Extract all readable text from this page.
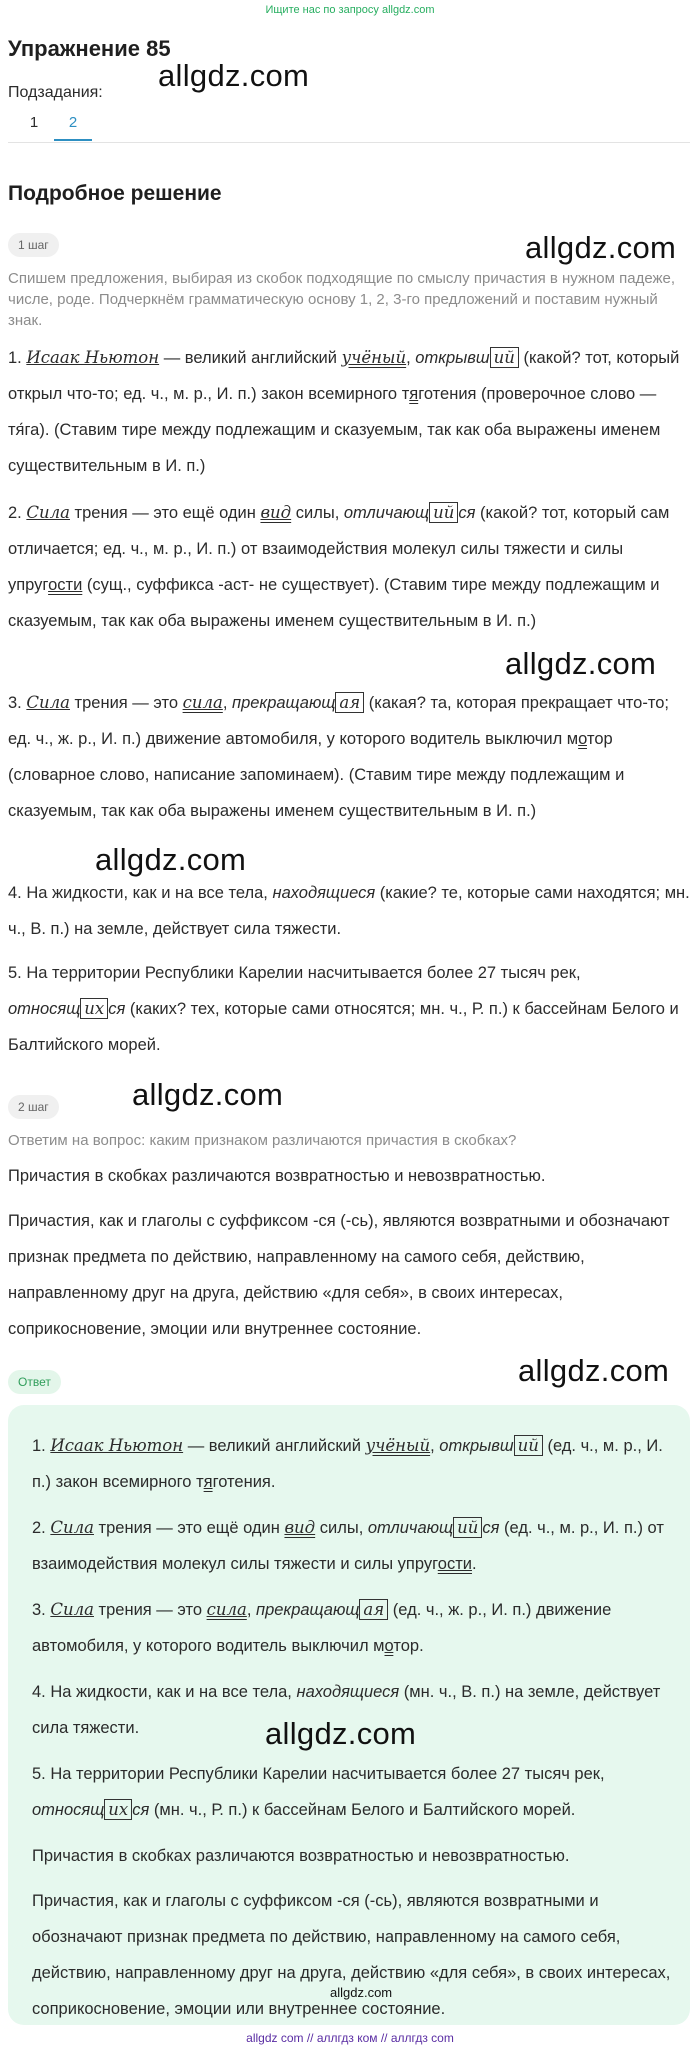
Ищите нас по запросу allgdz.com
Упражнение 85
Подзадания:
1	2
Подробное решение
1 шаг
Спишем предложения, выбирая из скобок подходящие по смыслу причастия в нужном падеже, числе, роде. Подчеркнём грамматическую основу 1, 2, 3-го предложений и поставим нужный знак.
1. Исаак Ньютон — великий английский учёный, открывш ий (какой? тот, который открыл что-то; ед. ч., м. р., И. п.) закон всемирного тяготения (проверочное слово — тя́га). (Ставим тире между подлежащим и сказуемым, так как оба выражены именем существительным в И. п.)
2. Сила трения — это ещё один вид силы, отличающ ий ся (какой? тот, который сам отличается; ед. ч., м. р., И. п.) от взаимодействия молекул силы тяжести и силы упругости (сущ., суффикса -аст- не существует). (Ставим тире между подлежащим и сказуемым, так как оба выражены именем существительным в И. п.)
3. Сила трения — это сила, прекращающ ая (какая? та, которая прекращает что-то; ед. ч., ж. р., И. п.) движение автомобиля, у которого водитель выключил мотор (словарное слово, написание запоминаем). (Ставим тире между подлежащим и сказуемым, так как оба выражены именем существительным в И. п.)
4. На жидкости, как и на все тела, находящиеся (какие? те, которые сами находятся; мн. ч., В. п.) на земле, действует сила тяжести.
5. На территории Республики Карелии насчитывается более 27 тысяч рек, относящ их ся (каких? тех, которые сами относятся; мн. ч., Р. п.) к бассейнам Белого и Балтийского морей.
2 шаг
Ответим на вопрос: каким признаком различаются причастия в скобках?
Причастия в скобках различаются возвратностью и невозвратностью.
Причастия, как и глаголы с суффиксом -ся (-сь), являются возвратными и обозначают признак предмета по действию, направленному на самого себя, действию, направленному друг на друга, действию «для себя», в своих интересах, соприкосновение, эмоции или внутреннее состояние.
Ответ
1. Исаак Ньютон — великий английский учёный, открывш ий (ед. ч., м. р., И. п.) закон всемирного тяготения.
2. Сила трения — это ещё один вид силы, отличающ ий ся (ед. ч., м. р., И. п.) от взаимодействия молекул силы тяжести и силы упругости.
3. Сила трения — это сила, прекращающ ая (ед. ч., ж. р., И. п.) движение автомобиля, у которого водитель выключил мотор.
4. На жидкости, как и на все тела, находящиеся (мн. ч., В. п.) на земле, действует сила тяжести.
5. На территории Республики Карелии насчитывается более 27 тысяч рек, относящ их ся (мн. ч., Р. п.) к бассейнам Белого и Балтийского морей.
Причастия в скобках различаются возвратностью и невозвратностью.
Причастия, как и глаголы с суффиксом -ся (-сь), являются возвратными и обозначают признак предмета по действию, направленному на самого себя, действию, направленному друг на друга, действию «для себя», в своих интересах, соприкосновение, эмоции или внутреннее состояние.
allgdz.com
allgdz.com
allgdz.com
allgdz.com
allgdz.com
allgdz.com
allgdz.com
allgdz.com
allgdz com // аллгдз ком // аллгдз com
